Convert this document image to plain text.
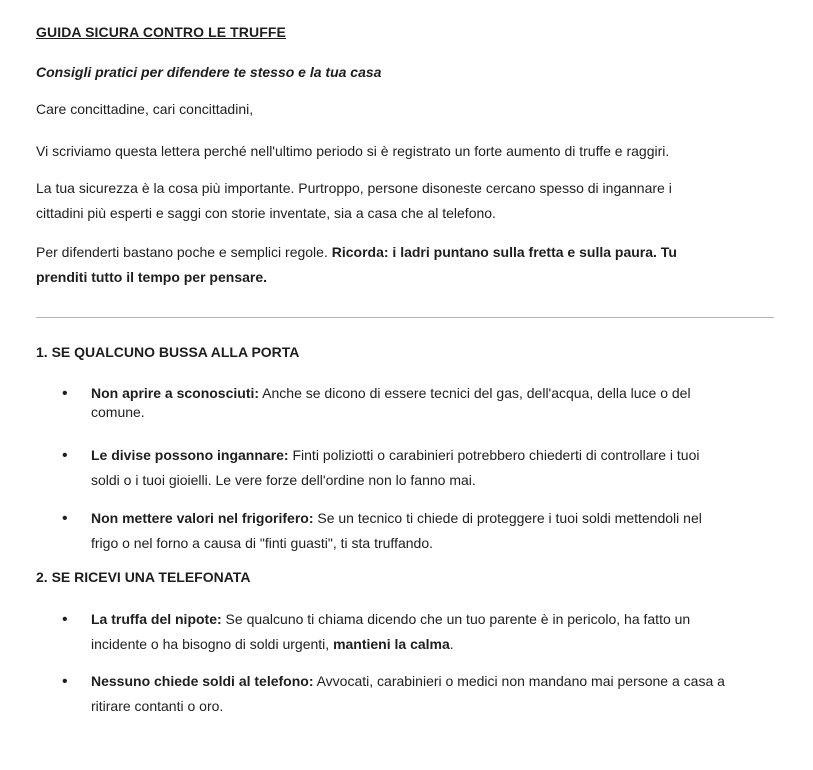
GUIDA SICURA CONTRO LE TRUFFE
Consigli pratici per difendere te stesso e la tua casa
Care concittadine, cari concittadini,
Vi scriviamo questa lettera perché nell'ultimo periodo si è registrato un forte aumento di truffe e raggiri.
La tua sicurezza è la cosa più importante. Purtroppo, persone disoneste cercano spesso di ingannare i
cittadini più esperti e saggi con storie inventate, sia a casa che al telefono.
Per difenderti bastano poche e semplici regole. Ricorda: i ladri puntano sulla fretta e sulla paura. Tu
prenditi tutto il tempo per pensare.
1. SE QUALCUNO BUSSA ALLA PORTA
• Non aprire a sconosciuti: Anche se dicono di essere tecnici del gas, dell'acqua, della luce o del
comune.
• Le divise possono ingannare: Finti poliziotti o carabinieri potrebbero chiederti di controllare i tuoi
soldi o i tuoi gioielli. Le vere forze dell'ordine non lo fanno mai.
• Non mettere valori nel frigorifero: Se un tecnico ti chiede di proteggere i tuoi soldi mettendoli nel
frigo o nel forno a causa di "finti guasti", ti sta truffando.
2. SE RICEVI UNA TELEFONATA
• La truffa del nipote: Se qualcuno ti chiama dicendo che un tuo parente è in pericolo, ha fatto un
incidente o ha bisogno di soldi urgenti, mantieni la calma.
• Nessuno chiede soldi al telefono: Avvocati, carabinieri o medici non mandano mai persone a casa a
ritirare contanti o oro.
